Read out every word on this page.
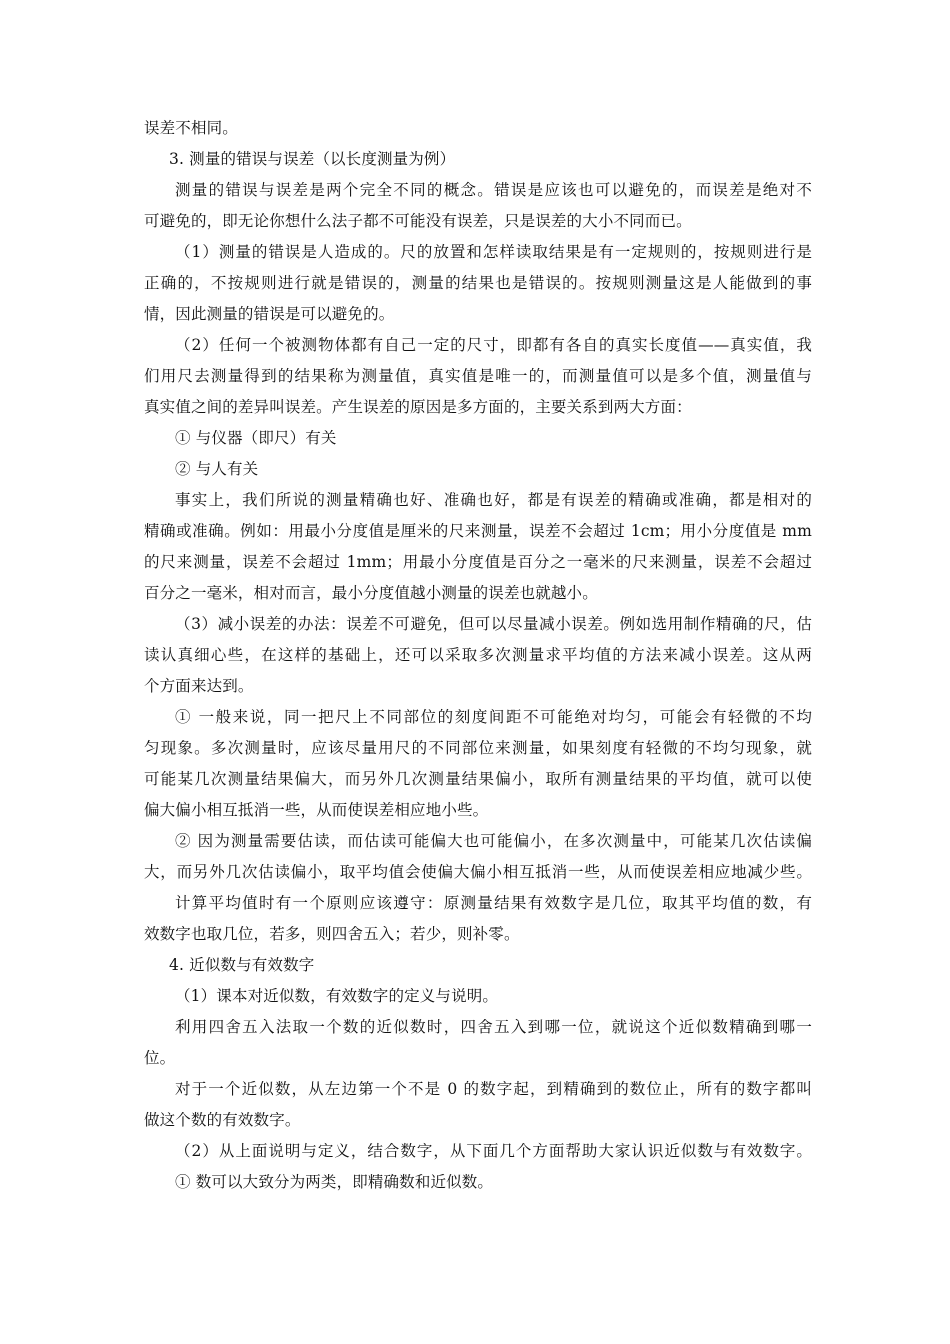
误差不相同。
3. 测量的错误与误差（以长度测量为例）
测量的错误与误差是两个完全不同的概念。错误是应该也可以避免的，而误差是绝对不
可避免的，即无论你想什么法子都不可能没有误差，只是误差的大小不同而已。
（1）测量的错误是人造成的。尺的放置和怎样读取结果是有一定规则的，按规则进行是
正确的，不按规则进行就是错误的，测量的结果也是错误的。按规则测量这是人能做到的事
情，因此测量的错误是可以避免的。
（2）任何一个被测物体都有自己一定的尺寸，即都有各自的真实长度值——真实值，我
们用尺去测量得到的结果称为测量值，真实值是唯一的，而测量值可以是多个值，测量值与
真实值之间的差异叫误差。产生误差的原因是多方面的，主要关系到两大方面：
① 与仪器（即尺）有关
② 与人有关
事实上，我们所说的测量精确也好、准确也好，都是有误差的精确或准确，都是相对的
精确或准确。例如：用最小分度值是厘米的尺来测量，误差不会超过 1cm；用小分度值是 mm
的尺来测量，误差不会超过 1mm；用最小分度值是百分之一毫米的尺来测量，误差不会超过
百分之一毫米，相对而言，最小分度值越小测量的误差也就越小。
（3）减小误差的办法：误差不可避免，但可以尽量减小误差。例如选用制作精确的尺，估
读认真细心些，在这样的基础上，还可以采取多次测量求平均值的方法来减小误差。这从两
个方面来达到。
① 一般来说，同一把尺上不同部位的刻度间距不可能绝对均匀，可能会有轻微的不均
匀现象。多次测量时，应该尽量用尺的不同部位来测量，如果刻度有轻微的不均匀现象，就
可能某几次测量结果偏大，而另外几次测量结果偏小，取所有测量结果的平均值，就可以使
偏大偏小相互抵消一些，从而使误差相应地小些。
② 因为测量需要估读，而估读可能偏大也可能偏小，在多次测量中，可能某几次估读偏
大，而另外几次估读偏小，取平均值会使偏大偏小相互抵消一些，从而使误差相应地减少些。
计算平均值时有一个原则应该遵守：原测量结果有效数字是几位，取其平均值的数，有
效数字也取几位，若多，则四舍五入；若少，则补零。
4. 近似数与有效数字
（1）课本对近似数，有效数字的定义与说明。
利用四舍五入法取一个数的近似数时，四舍五入到哪一位，就说这个近似数精确到哪一
位。
对于一个近似数，从左边第一个不是 0 的数字起，到精确到的数位止，所有的数字都叫
做这个数的有效数字。
（2）从上面说明与定义，结合数字，从下面几个方面帮助大家认识近似数与有效数字。
① 数可以大致分为两类，即精确数和近似数。
